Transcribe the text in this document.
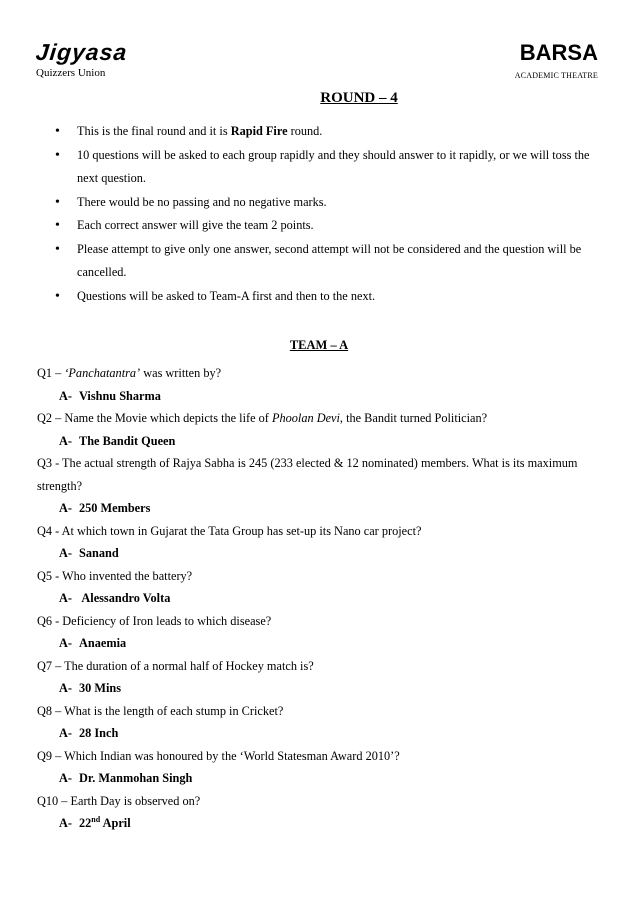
Jigyasa
Quizzers Union
BARSA
ACADEMIC THEATRE
ROUND – 4
• This is the final round and it is Rapid Fire round.
• 10 questions will be asked to each group rapidly and they should answer to it rapidly, or we will toss the next question.
• There would be no passing and no negative marks.
• Each correct answer will give the team 2 points.
• Please attempt to give only one answer, second attempt will not be considered and the question will be cancelled.
• Questions will be asked to Team-A first and then to the next.
TEAM – A
Q1 – ‘Panchatantra’ was written by?
A- Vishnu Sharma
Q2 – Name the Movie which depicts the life of Phoolan Devi, the Bandit turned Politician?
A- The Bandit Queen
Q3 - The actual strength of Rajya Sabha is 245 (233 elected & 12 nominated) members. What is its maximum strength?
A- 250 Members
Q4 - At which town in Gujarat the Tata Group has set-up its Nano car project?
A- Sanand
Q5 - Who invented the battery?
A- Alessandro Volta
Q6 - Deficiency of Iron leads to which disease?
A- Anaemia
Q7 – The duration of a normal half of Hockey match is?
A- 30 Mins
Q8 – What is the length of each stump in Cricket?
A- 28 Inch
Q9 – Which Indian was honoured by the ‘World Statesman Award 2010’?
A- Dr. Manmohan Singh
Q10 – Earth Day is observed on?
A- 22nd April
